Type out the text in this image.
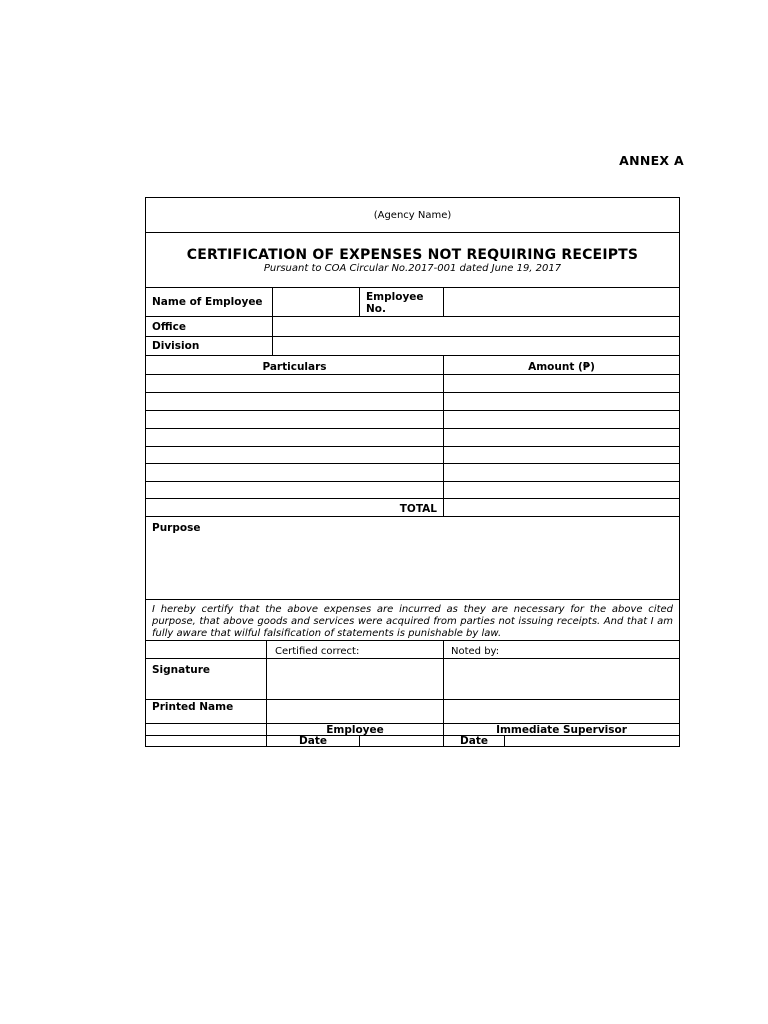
ANNEX A
(Agency Name)
CERTIFICATION OF EXPENSES NOT REQUIRING RECEIPTS
Pursuant to COA Circular No.2017-001 dated June 19, 2017
Name of Employee	Employee No.
Office
Division
Particulars	Amount (₱)
TOTAL
Purpose
I hereby certify that the above expenses are incurred as they are necessary for the above cited purpose, that above goods and services were acquired from parties not issuing receipts. And that I am fully aware that wilful falsification of statements is punishable by law.
Certified correct:	Noted by:
Signature
Printed Name
Employee	Immediate Supervisor
Date	Date
